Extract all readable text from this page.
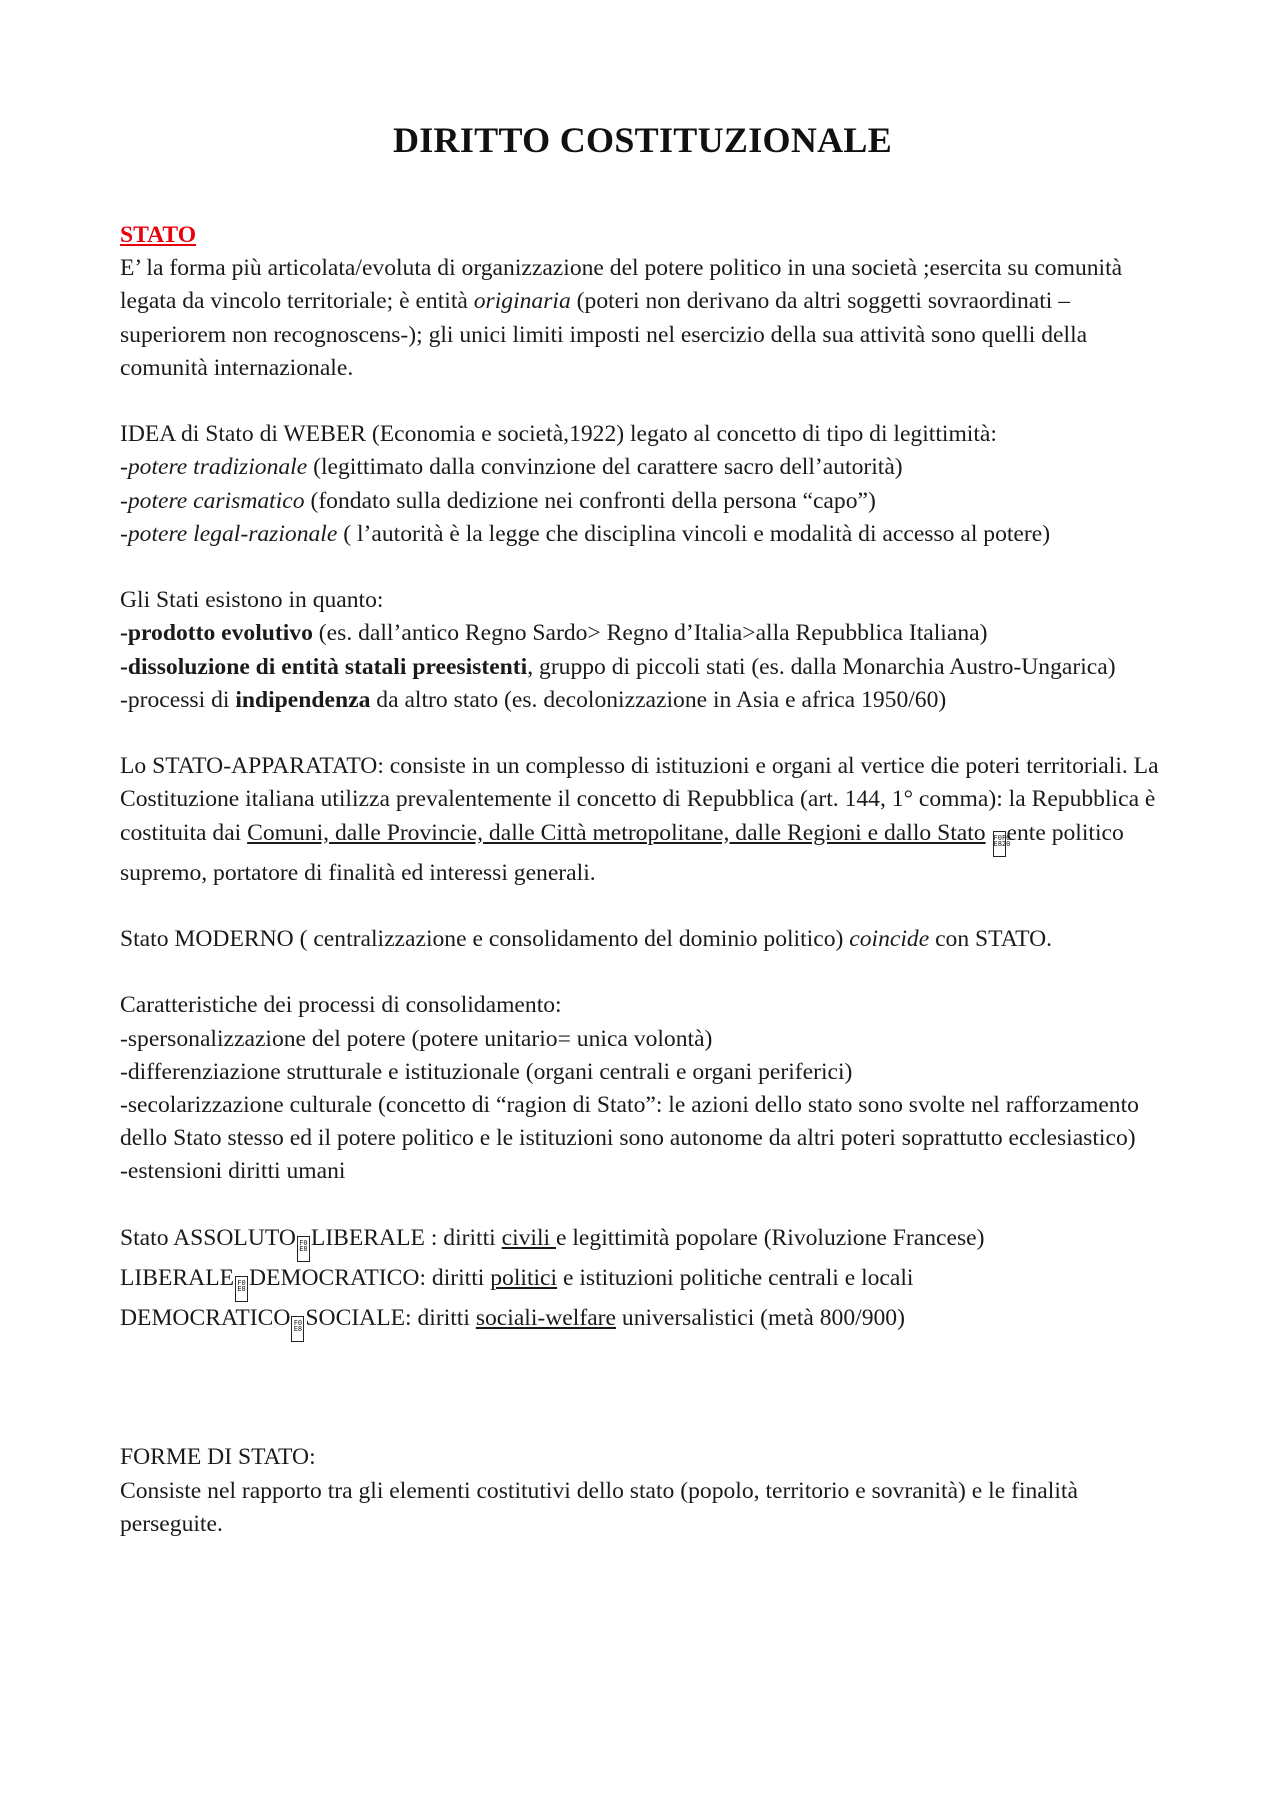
DIRITTO COSTITUZIONALE

STATO

E’ la forma più articolata/evoluta di organizzazione del potere politico in una società ;esercita su comunità legata da vincolo territoriale; è entità originaria (poteri non derivano da altri soggetti sovraordinati –superiorem non recognoscens-); gli unici limiti imposti nel esercizio della sua attività sono quelli della comunità internazionale.

IDEA di Stato di WEBER (Economia e società,1922) legato al concetto di tipo di legittimità:

-potere tradizionale (legittimato dalla convinzione del carattere sacro dell’autorità)

-potere carismatico (fondato sulla dedizione nei confronti della persona “capo”)

-potere legal-razionale ( l’autorità è la legge che disciplina vincoli e modalità di accesso al potere)

Gli Stati esistono in quanto:

-prodotto evolutivo (es. dall’antico Regno Sardo> Regno d’Italia>alla Repubblica Italiana)

-dissoluzione di entità statali preesistenti, gruppo di piccoli stati (es. dalla Monarchia Austro-Ungarica)

-processi di indipendenza da altro stato (es. decolonizzazione in Asia e africa 1950/60)

Lo STATO-APPARATATO: consiste in un complesso di istituzioni e organi al vertice die poteri territoriali. La Costituzione italiana utilizza prevalentemente il concetto di Repubblica (art. 144, 1° comma): la Repubblica è costituita dai Comuni, dalle Provincie, dalle Città metropolitane, dalle Regioni e dallo Stato F0F0 E820ente politico supremo, portatore di finalità ed interessi generali.

Stato MODERNO ( centralizzazione e consolidamento del dominio politico) coincide con STATO.

Caratteristiche dei processi di consolidamento:

-spersonalizzazione del potere (potere unitario= unica volontà)

-differenziazione strutturale e istituzionale (organi centrali e organi periferici)

-secolarizzazione culturale (concetto di “ragion di Stato”: le azioni dello stato sono svolte nel rafforzamento dello Stato stesso ed il potere politico e le istituzioni sono autonome da altri poteri soprattutto ecclesiastico)

-estensioni diritti umani

Stato ASSOLUTO F0 E8 LIBERALE : diritti civili e legittimità popolare (Rivoluzione Francese)

LIBERALE F0 E8 DEMOCRATICO: diritti politici e istituzioni politiche centrali e locali

DEMOCRATICO F0 E8 SOCIALE: diritti sociali-welfare universalistici (metà 800/900)

FORME DI STATO:

Consiste nel rapporto tra gli elementi costitutivi dello stato (popolo, territorio e sovranità) e le finalità perseguite.
